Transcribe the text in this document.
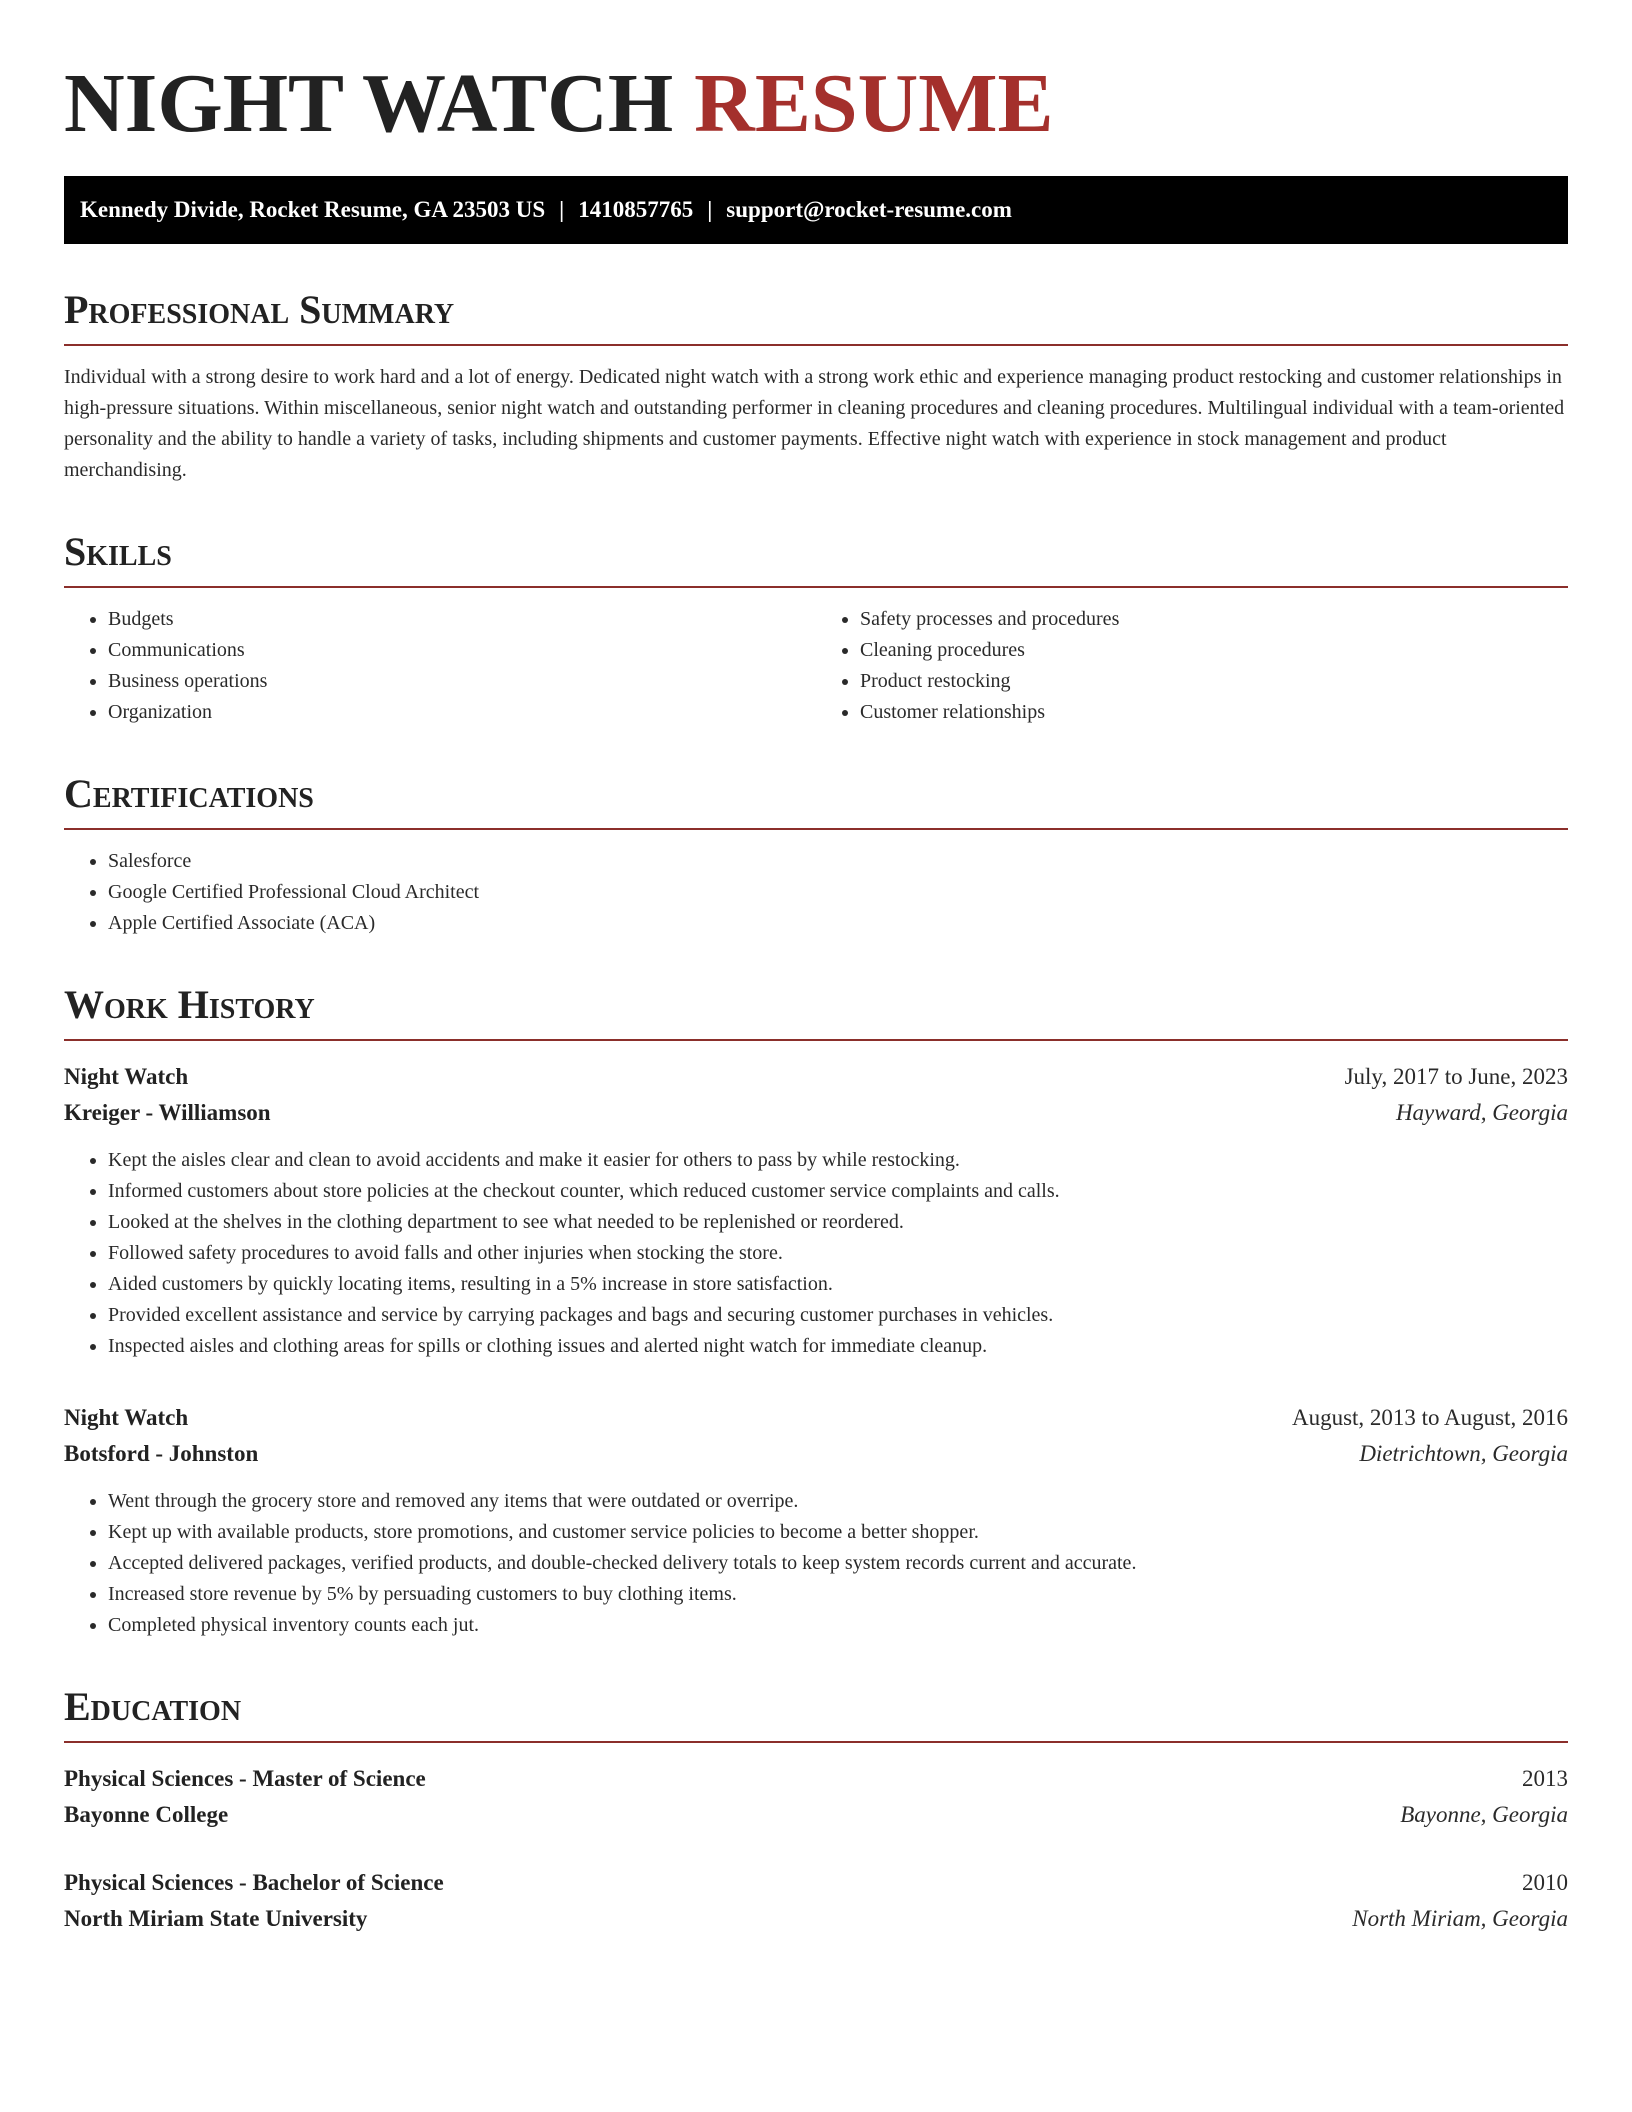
NIGHT WATCH RESUME
Kennedy Divide, Rocket Resume, GA 23503 US | 1410857765 | support@rocket-resume.com
Professional Summary

Individual with a strong desire to work hard and a lot of energy. Dedicated night watch with a strong work ethic and experience managing product restocking and customer relationships in high-pressure situations. Within miscellaneous, senior night watch and outstanding performer in cleaning procedures and cleaning procedures. Multilingual individual with a team-oriented personality and the ability to handle a variety of tasks, including shipments and customer payments. Effective night watch with experience in stock management and product merchandising.

Skills
• Budgets
• Communications
• Business operations
• Organization
• Safety processes and procedures
• Cleaning procedures
• Product restocking
• Customer relationships
Certifications
• Salesforce
• Google Certified Professional Cloud Architect
• Apple Certified Associate (ACA)
Work History
Night Watch	July, 2017 to June, 2023
Kreiger - Williamson	Hayward, Georgia
• Kept the aisles clear and clean to avoid accidents and make it easier for others to pass by while restocking.
• Informed customers about store policies at the checkout counter, which reduced customer service complaints and calls.
• Looked at the shelves in the clothing department to see what needed to be replenished or reordered.
• Followed safety procedures to avoid falls and other injuries when stocking the store.
• Aided customers by quickly locating items, resulting in a 5% increase in store satisfaction.
• Provided excellent assistance and service by carrying packages and bags and securing customer purchases in vehicles.
• Inspected aisles and clothing areas for spills or clothing issues and alerted night watch for immediate cleanup.
Night Watch	August, 2013 to August, 2016
Botsford - Johnston	Dietrichtown, Georgia
• Went through the grocery store and removed any items that were outdated or overripe.
• Kept up with available products, store promotions, and customer service policies to become a better shopper.
• Accepted delivered packages, verified products, and double-checked delivery totals to keep system records current and accurate.
• Increased store revenue by 5% by persuading customers to buy clothing items.
• Completed physical inventory counts each jut.
Education
Physical Sciences - Master of Science	2013
Bayonne College	Bayonne, Georgia
Physical Sciences - Bachelor of Science	2010
North Miriam State University	North Miriam, Georgia
